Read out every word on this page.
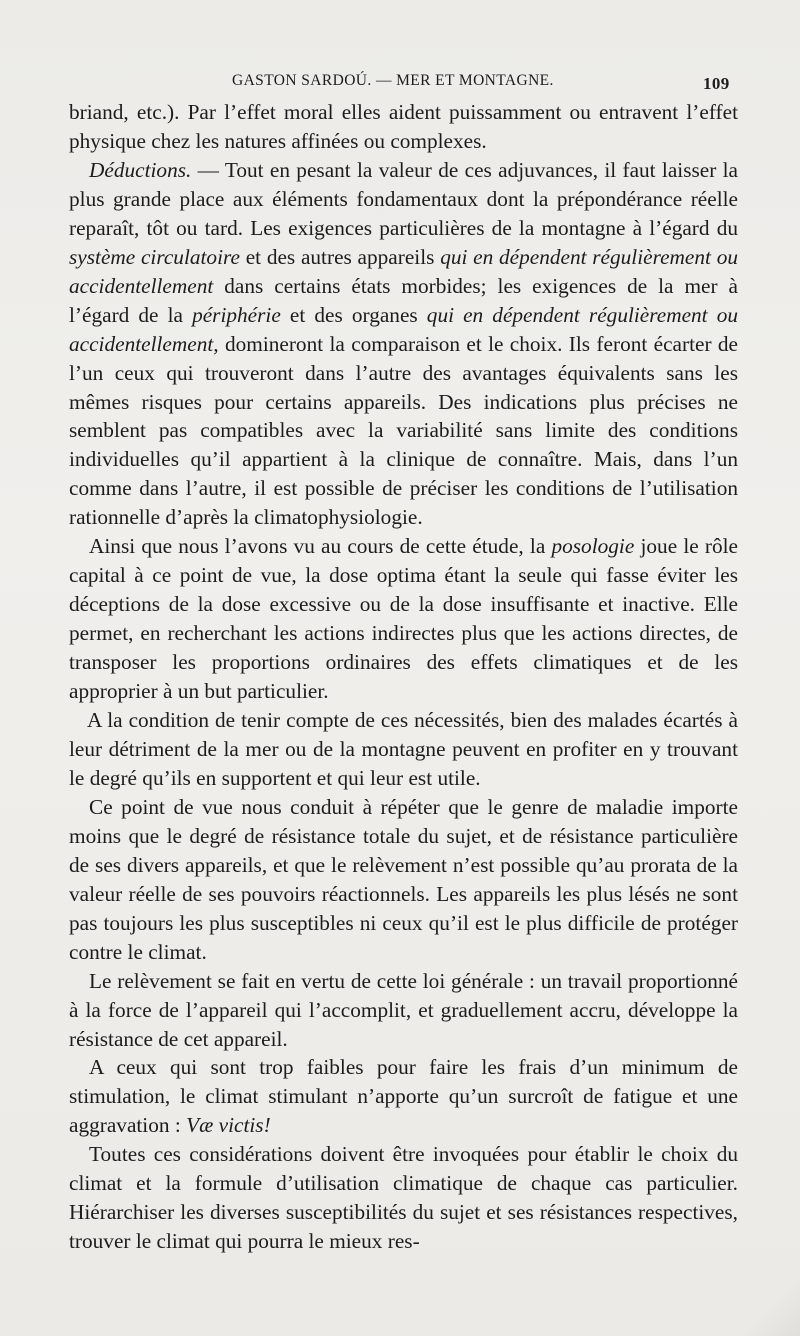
GASTON SARDOÚ. — MER ET MONTAGNE.	109

briand, etc.). Par l’effet moral elles aident puissamment ou entravent l’effet physique chez les natures affinées ou complexes.

Déductions. — Tout en pesant la valeur de ces adjuvances, il faut laisser la plus grande place aux éléments fondamentaux dont la prépondérance réelle reparaît, tôt ou tard. Les exigences particulières de la montagne à l’égard du système circulatoire et des autres appareils qui en dépendent régulièrement ou accidentellement dans certains états morbides; les exigences de la mer à l’égard de la périphérie et des organes qui en dépendent régulièrement ou accidentellement, domineront la comparaison et le choix. Ils feront écarter de l’un ceux qui trouveront dans l’autre des avantages équivalents sans les mêmes risques pour certains appareils. Des indications plus précises ne semblent pas compatibles avec la variabilité sans limite des conditions individuelles qu’il appartient à la clinique de connaître. Mais, dans l’un comme dans l’autre, il est possible de préciser les conditions de l’utilisation rationnelle d’après la climatophysiologie.

Ainsi que nous l’avons vu au cours de cette étude, la posologie joue le rôle capital à ce point de vue, la dose optima étant la seule qui fasse éviter les déceptions de la dose excessive ou de la dose insuffisante et inactive. Elle permet, en recherchant les actions indirectes plus que les actions directes, de transposer les proportions ordinaires des effets climatiques et de les approprier à un but particulier.

A la condition de tenir compte de ces nécessités, bien des malades écartés à leur détriment de la mer ou de la montagne peuvent en profiter en y trouvant le degré qu’ils en supportent et qui leur est utile.

Ce point de vue nous conduit à répéter que le genre de maladie importe moins que le degré de résistance totale du sujet, et de résistance particulière de ses divers appareils, et que le relèvement n’est possible qu’au prorata de la valeur réelle de ses pouvoirs réactionnels. Les appareils les plus lésés ne sont pas toujours les plus susceptibles ni ceux qu’il est le plus difficile de protéger contre le climat.

Le relèvement se fait en vertu de cette loi générale : un travail proportionné à la force de l’appareil qui l’accomplit, et graduellement accru, développe la résistance de cet appareil.

A ceux qui sont trop faibles pour faire les frais d’un minimum de stimulation, le climat stimulant n’apporte qu’un surcroît de fatigue et une aggravation : Væ victis!

Toutes ces considérations doivent être invoquées pour établir le choix du climat et la formule d’utilisation climatique de chaque cas particulier. Hiérarchiser les diverses susceptibilités du sujet et ses résistances respectives, trouver le climat qui pourra le mieux res-
